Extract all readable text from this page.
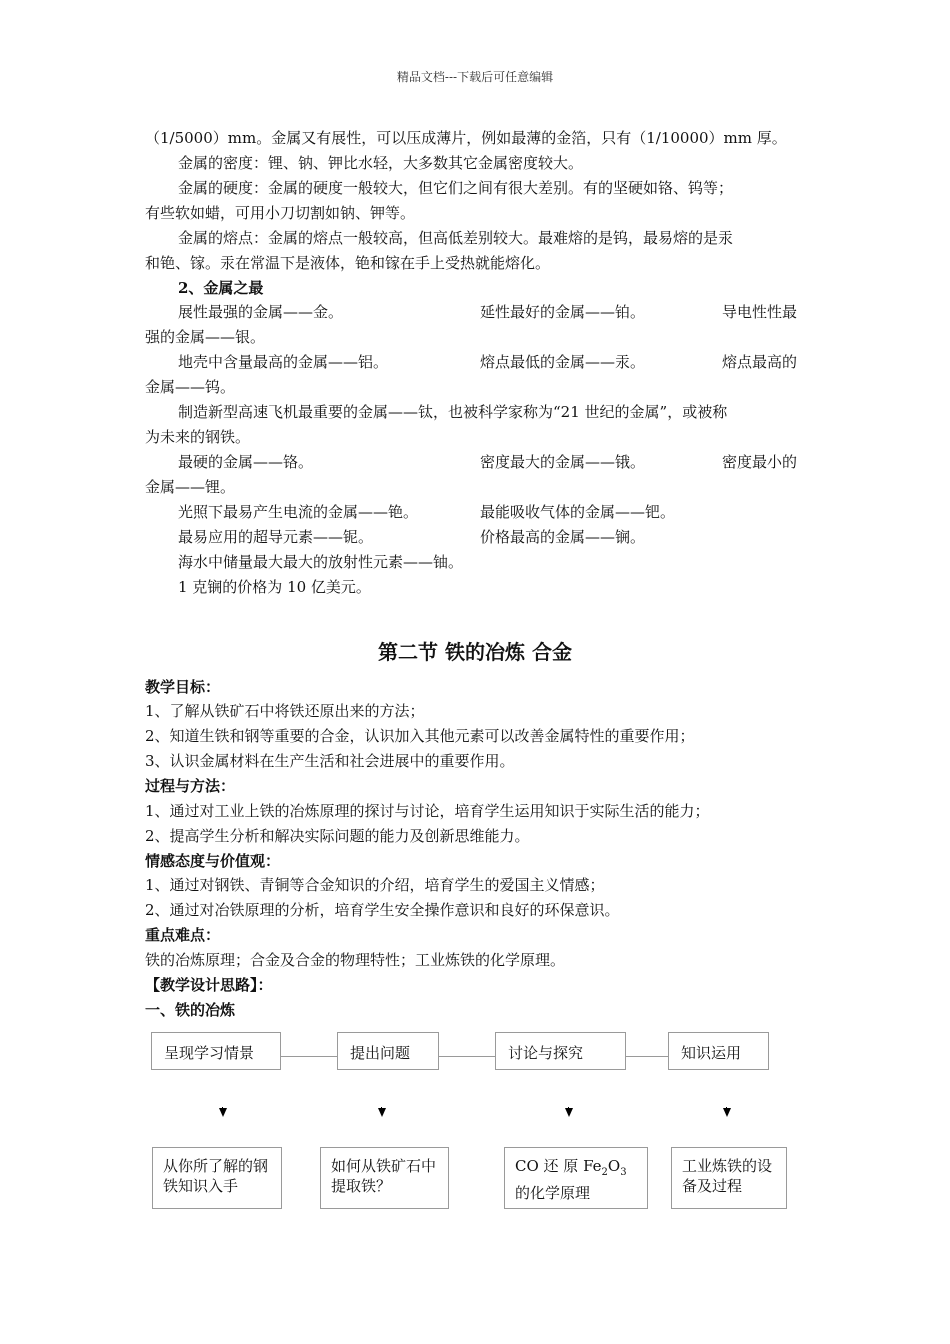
精品文档---下载后可任意编辑
（1/5000）mm。金属又有展性，可以压成薄片，例如最薄的金箔，只有（1/10000）mm 厚。
金属的密度：锂、钠、钾比水轻，大多数其它金属密度较大。
金属的硬度：金属的硬度一般较大，但它们之间有很大差别。有的坚硬如铬、钨等；
有些软如蜡，可用小刀切割如钠、钾等。
金属的熔点：金属的熔点一般较高，但高低差别较大。最难熔的是钨，最易熔的是汞
和铯、镓。汞在常温下是液体，铯和镓在手上受热就能熔化。
2、金属之最
展性最强的金属——金。	延性最好的金属——铂。	导电性性最
强的金属——银。
地壳中含量最高的金属——铝。	熔点最低的金属——汞。	熔点最高的
金属——钨。
制造新型高速飞机最重要的金属——钛，也被科学家称为“21 世纪的金属”，或被称
为未来的钢铁。
最硬的金属——铬。	密度最大的金属——锇。	密度最小的
金属——锂。
光照下最易产生电流的金属——铯。	最能吸收气体的金属——钯。
最易应用的超导元素——铌。	价格最高的金属——锎。
海水中储量最大最大的放射性元素——铀。
1 克锎的价格为 10 亿美元。
第二节 铁的冶炼 合金
教学目标：
1、了解从铁矿石中将铁还原出来的方法；
2、知道生铁和钢等重要的合金，认识加入其他元素可以改善金属特性的重要作用；
3、认识金属材料在生产生活和社会进展中的重要作用。
过程与方法：
1、通过对工业上铁的冶炼原理的探讨与讨论，培育学生运用知识于实际生活的能力；
2、提高学生分析和解决实际问题的能力及创新思维能力。
情感态度与价值观：
1、通过对钢铁、青铜等合金知识的介绍，培育学生的爱国主义情感；
2、通过对冶铁原理的分析，培育学生安全操作意识和良好的环保意识。
重点难点：
铁的冶炼原理；合金及合金的物理特性；工业炼铁的化学原理。
【教学设计思路】：
一、铁的冶炼
呈现学习情景	提出问题	讨论与探究	知识运用
从你所了解的钢铁知识入手
如何从铁矿石中提取铁？
CO 还 原 $Fe_2O_3$
的化学原理
工业炼铁的设备及过程
